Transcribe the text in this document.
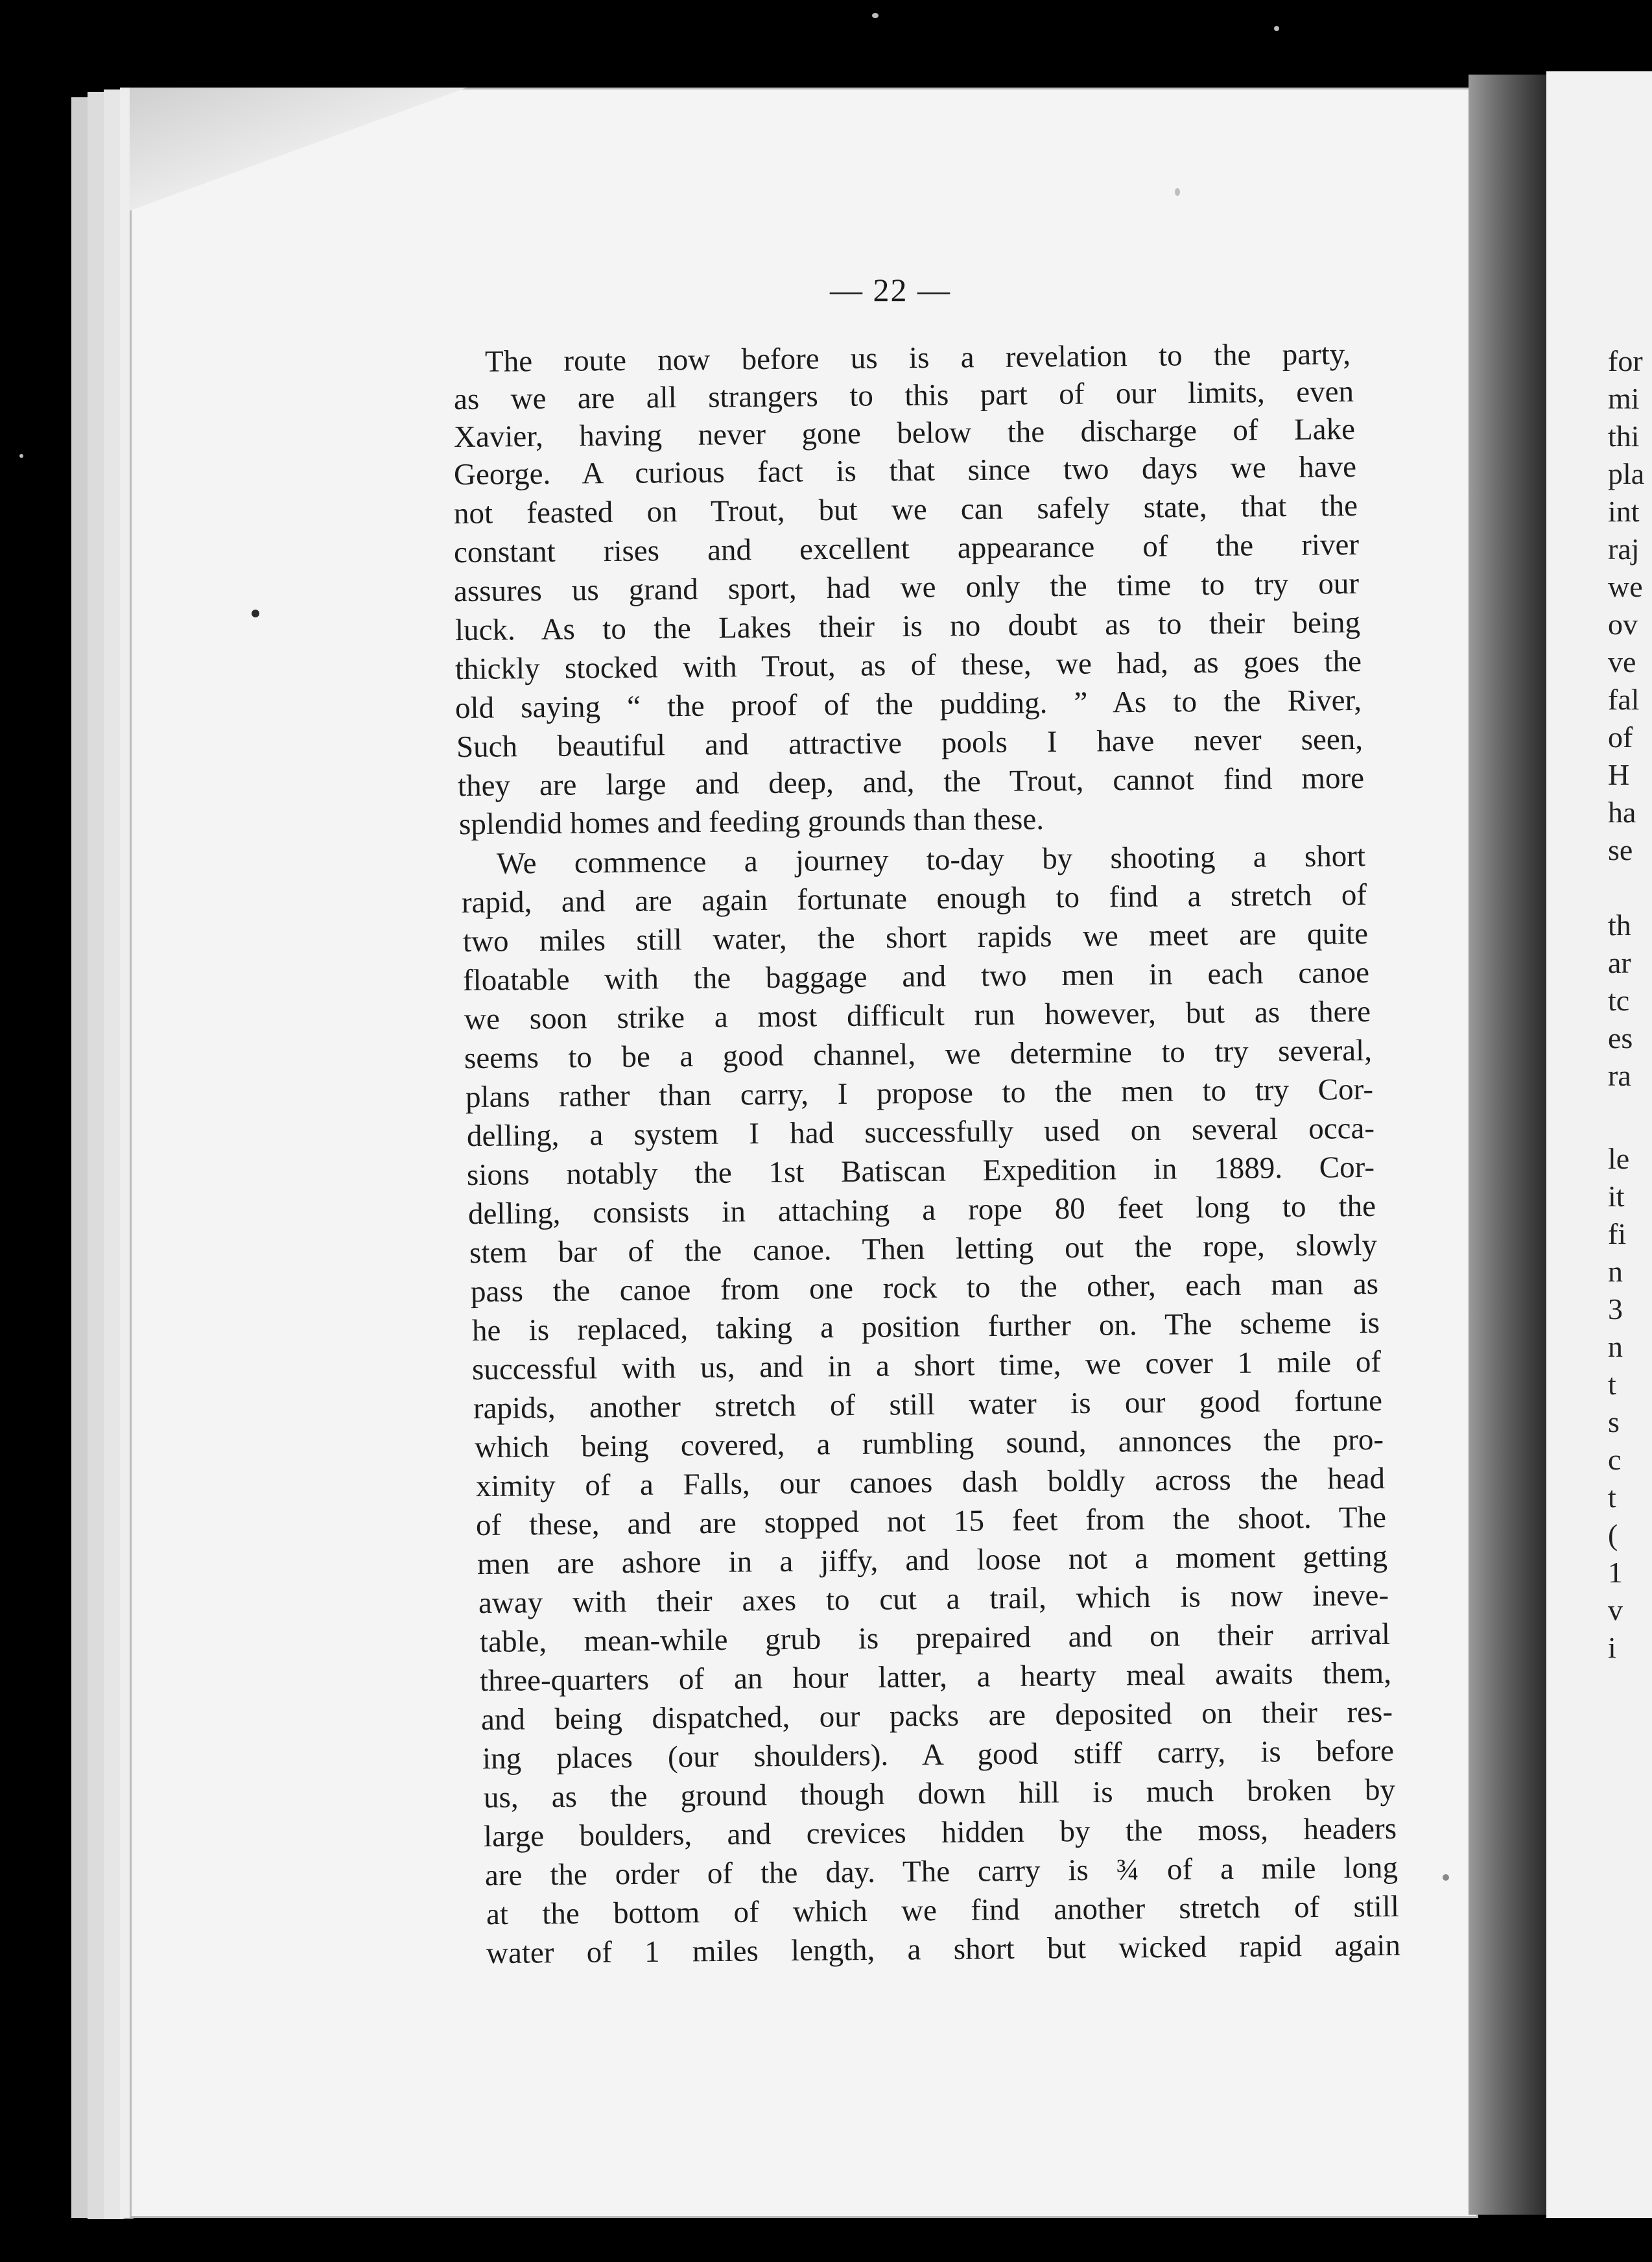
for
mi
thi
pla
int
raj
we
ov
ve
fal
of
H
ha
se
th
ar
tc
es
ra
le
it
fi
n
3
n
t
s
c
t
(
1
v
i
— 22 —
The route now before us is a revelation to the party,
as we are all strangers to this part of our limits, even
Xavier, having never gone below the discharge of Lake
George. A curious fact is that since two days we have
not feasted on Trout, but we can safely state, that the
constant rises and excellent appearance of the river
assures us grand sport, had we only the time to try our
luck. As to the Lakes their is no doubt as to their being
thickly stocked with Trout, as of these, we had, as goes the
old saying “ the proof of the pudding. ” As to the River,
Such beautiful and attractive pools I have never seen,
they are large and deep, and, the Trout, cannot find more
splendid homes and feeding grounds than these.
We commence a journey to-day by shooting a short
rapid, and are again fortunate enough to find a stretch of
two miles still water, the short rapids we meet are quite
floatable with the baggage and two men in each canoe
we soon strike a most difficult run however, but as there
seems to be a good channel, we determine to try several,
plans rather than carry, I propose to the men to try Cor-
delling, a system I had successfully used on several occa-
sions notably the 1st Batiscan Expedition in 1889. Cor-
delling, consists in attaching a rope 80 feet long to the
stem bar of the canoe. Then letting out the rope, slowly
pass the canoe from one rock to the other, each man as
he is replaced, taking a position further on. The scheme is
successful with us, and in a short time, we cover 1 mile of
rapids, another stretch of still water is our good fortune
which being covered, a rumbling sound, annonces the pro-
ximity of a Falls, our canoes dash boldly across the head
of these, and are stopped not 15 feet from the shoot. The
men are ashore in a jiffy, and loose not a moment getting
away with their axes to cut a trail, which is now ineve-
table, mean-while grub is prepaired and on their arrival
three-quarters of an hour latter, a hearty meal awaits them,
and being dispatched, our packs are deposited on their res-
ing places (our shoulders). A good stiff carry, is before
us, as the ground though down hill is much broken by
large boulders, and crevices hidden by the moss, headers
are the order of the day. The carry is ¾ of a mile long
at the bottom of which we find another stretch of still
water of 1 miles length, a short but wicked rapid again
